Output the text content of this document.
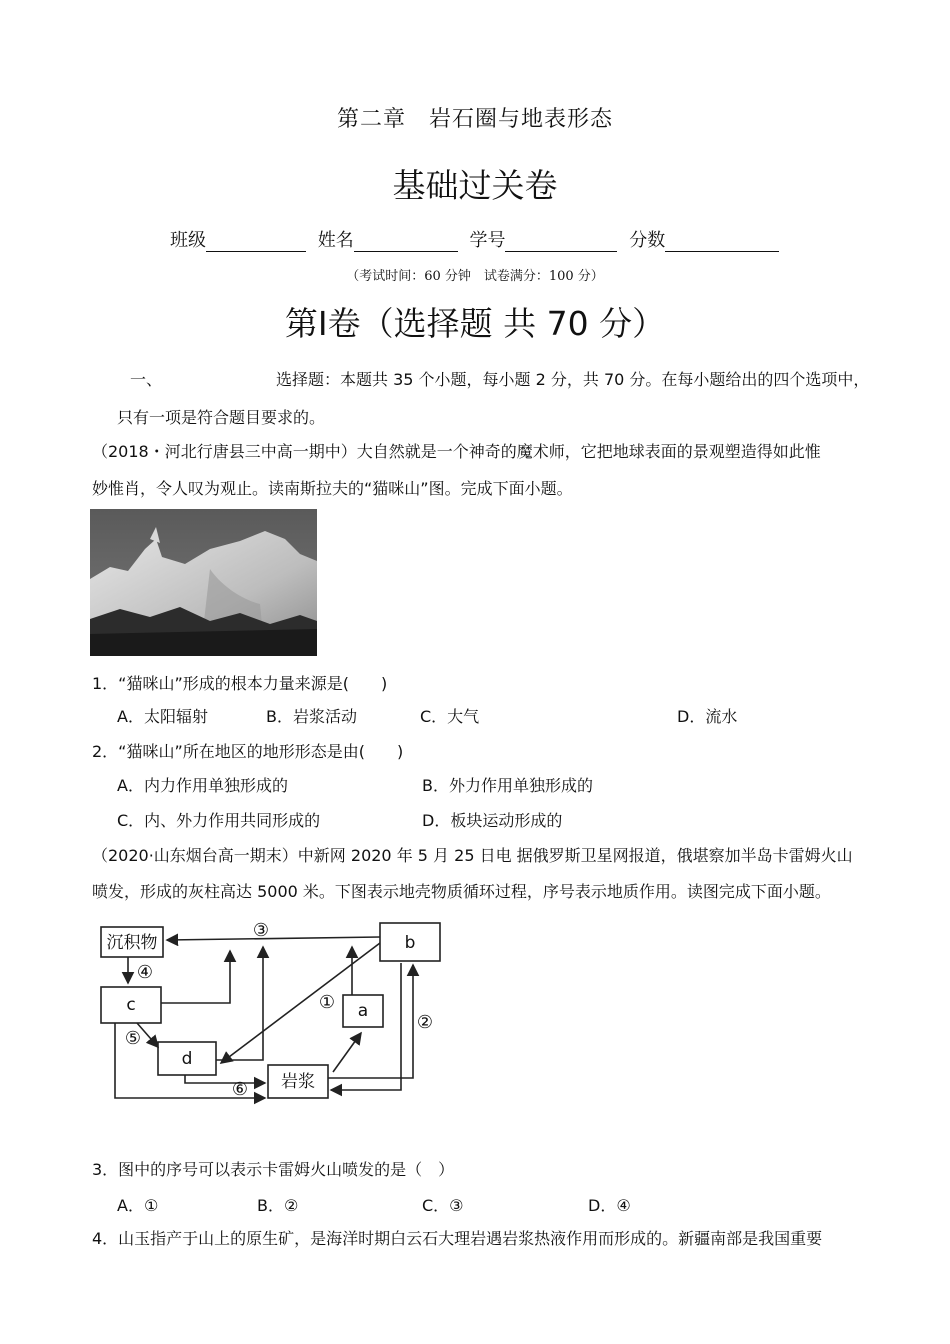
第二章　岩石圈与地表形态
基础过关卷
班级	姓名	学号	分数
（考试时间：60 分钟　试卷满分：100 分）
第I卷（选择题 共 70 分）
一、	选择题：本题共 35 个小题，每小题 2 分，共 70 分。在每小题给出的四个选项中，
只有一项是符合题目要求的。
（2018・河北行唐县三中高一期中）大自然就是一个神奇的魔术师，它把地球表面的景观塑造得如此惟
妙惟肖，令人叹为观止。读南斯拉夫的“猫咪山”图。完成下面小题。
1．“猫咪山”形成的根本力量来源是(　　)
A．太阳辐射	B．岩浆活动	C．大气	D．流水
2．“猫咪山”所在地区的地形形态是由(　　)
A．内力作用单独形成的	B．外力作用单独形成的
C．内、外力作用共同形成的	D．板块运动形成的
（2020·山东烟台高一期末）中新网 2020 年 5 月 25 日电 据俄罗斯卫星网报道，俄堪察加半岛卡雷姆火山
喷发，形成的灰柱高达 5000 米。下图表示地壳物质循环过程，序号表示地质作用。读图完成下面小题。
沉积物	b
c	a
d
岩浆
①
②
③
④
⑤
⑥
3．图中的序号可以表示卡雷姆火山喷发的是（　）
A．①	B．②	C．③	D．④
4．山玉指产于山上的原生矿，是海洋时期白云石大理岩遇岩浆热液作用而形成的。新疆南部是我国重要
